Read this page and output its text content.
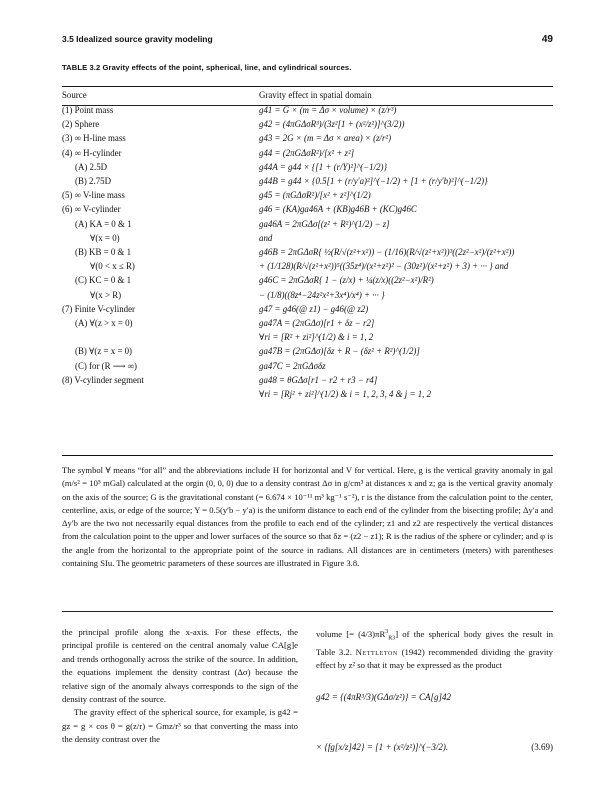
3.5 Idealized source gravity modeling	49
TABLE 3.2 Gravity effects of the point, spherical, line, and cylindrical sources.
Source	Gravity effect in spatial domain
(1) Point mass	g41 = G × (m = Δσ × volume) × (z/r³)
(2) Sphere	g42 = (4πGΔσR³)/(3z²[1 + (x²/z²)]^(3/2))
(3) ∞ H-line mass	g43 = 2G × (m = Δσ × area) × (z/r²)
(4) ∞ H-cylinder	g44 = (2πGΔσR²)/[x² + z²]
(A) 2.5D	g44A = g44 × {[1 + (r/Y)²]^(−1/2)}
(B) 2.75D	g44B = g44 × {0.5[1 + (r/y′a)²]^(−1/2) + [1 + (r/y′b)²]^(−1/2)}
(5) ∞ V-line mass	g45 = (πGΔσR²)/[x² + z²]^(1/2)
(6) ∞ V-cylinder	g46 = (KA)ga46A + (KB)g46B + (KC)g46C
(A) KA = 0 & 1	ga46A = 2πGΔσ[(z² + R²)^(1/2) − z]
∀(x = 0)	and
(B) KB = 0 & 1	g46B = 2πGΔσR{ ½(R/√(z²+x²)) − (1/16)(R/√(z²+x²))³((2z²−x²)/(z²+x²))
∀(0 < x ≤ R)	+ (1/128)(R/√(z²+x²))⁵((35z⁴)/(x²+z²)² − (30z²)/(x²+z²) + 3) + ··· } and
(C) KC = 0 & 1	g46C = 2πGΔσR{ 1 − (z/x) + ¼(z/x)((2z²−x²)/R²)
∀(x > R)	− (1/8)((8z⁴−24z²x²+3x⁴)/x⁴) + ··· }
(7) Finite V-cylinder	g47 = g46(@ z1) − g46(@ z2)
(A) ∀(z > x = 0)	ga47A = (2πGΔσ)[r1 + δz − r2]
	∀ri = [R² + zi²]^(1/2) & i = 1, 2
(B) ∀(z = x = 0)	ga47B = (2πGΔσ)[δz + R − (δz² + R²)^(1/2)]
(C) for (R ⟶ ∞)	ga47C = 2πGΔσδz
(8) V-cylinder segment	ga48 = θGΔσ[r1 − r2 + r3 − r4]
	∀ri = [Rj² + zi²]^(1/2) & i = 1, 2, 3, 4 & j = 1, 2
The symbol ∀ means “for all” and the abbreviations include H for horizontal and V for vertical. Here, g is the vertical gravity anomaly in gal (m/s² = 10⁵ mGal) calculated at the orgin (0, 0, 0) due to a density contrast Δσ in g/cm³ at distances x and z; ga is the vertical gravity anomaly on the axis of the source; G is the gravitational constant (= 6.674 × 10⁻¹¹ m³ kg⁻¹ s⁻²), r is the distance from the calculation point to the center, centerline, axis, or edge of the source; Y = 0.5(y′b − y′a) is the uniform distance to each end of the cylinder from the bisecting profile; Δy′a and Δy′b are the two not necessarily equal distances from the profile to each end of the cylinder; z1 and z2 are respectively the vertical distances from the calculation point to the upper and lower surfaces of the source so that δz = (z2 − z1); R is the radius of the sphere or cylinder; and φ is the angle from the horizontal to the appropriate point of the source in radians. All distances are in centimeters (meters) with parentheses containing SIu. The geometric parameters of these sources are illustrated in Figure 3.8.

the principal profile along the x-axis. For these effects, the principal profile is centered on the central anomaly value CA[g]e and trends orthogonally across the strike of the source. In addition, the equations implement the density contrast (Δσ) because the relative sign of the anomaly always corresponds to the sign of the density contrast of the source.

The gravity effect of the spherical source, for example, is g42 = gz = g × cos θ = g(z/r) = Gmz/r³ so that converting the mass into the density contrast over the

volume [= $(4/3)\pi R^3_{R3}$] of the spherical body gives the result in Table 3.2. Nettleton (1942) recommended dividing the gravity effect by z² so that it may be expressed as the product

g42 = {(4πR³/3)(GΔσ/z²)} = CA[g]42
× {fg[x/z]42} = [1 + (x²/z²)]^(−3/2).	(3.69)
